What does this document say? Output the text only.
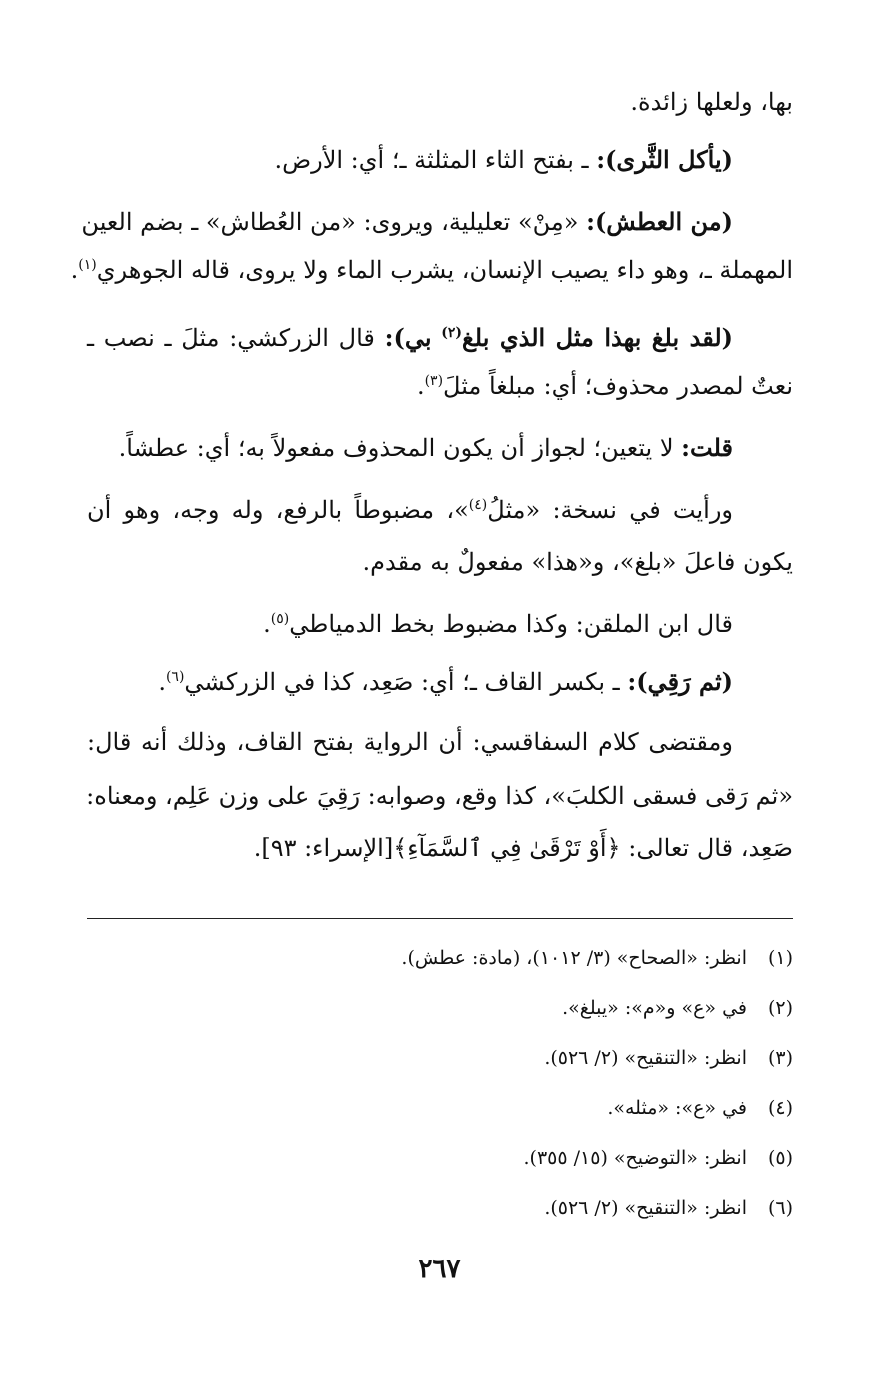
بها، ولعلها زائدة.
(يأكل الثَّرى): ـ بفتح الثاء المثلثة ـ؛ أي: الأرض.
(من العطش): «مِنْ» تعليلية، ويروى: «من العُطاش» ـ بضم العين
المهملة ـ، وهو داء يصيب الإنسان، يشرب الماء ولا يروى، قاله الجوهري$^{(١)}$.
(لقد بلغ بهذا مثل الذي بلغ$^{(٢)}$ بي): قال الزركشي: مثلَ ـ نصب ـ
نعتٌ لمصدر محذوف؛ أي: مبلغاً مثلَ$^{(٣)}$.
قلت: لا يتعين؛ لجواز أن يكون المحذوف مفعولاً به؛ أي: عطشاً.
ورأيت في نسخة: «مثلُ$^{(٤)}$»، مضبوطاً بالرفع، وله وجه، وهو أن
يكون فاعلَ «بلغ»، و«هذا» مفعولٌ به مقدم.
قال ابن الملقن: وكذا مضبوط بخط الدمياطي$^{(٥)}$.
(ثم رَقِي): ـ بكسر القاف ـ؛ أي: صَعِد، كذا في الزركشي$^{(٦)}$.
ومقتضى كلام السفاقسي: أن الرواية بفتح القاف، وذلك أنه قال:
«ثم رَقى فسقى الكلبَ»، كذا وقع، وصوابه: رَقِيَ على وزن عَلِم، ومعناه:
صَعِد، قال تعالى: ﴿أَوْ تَرْقَىٰ فِي ٱلسَّمَآءِ﴾[الإسراء: ٩٣].
(١)انظر: «الصحاح» (٣/ ١٠١٢)، (مادة: عطش).
(٢)في «ع» و«م»: «يبلغ».
(٣)انظر: «التنقيح» (٢/ ٥٢٦).
(٤)في «ع»: «مثله».
(٥)انظر: «التوضيح» (١٥/ ٣٥٥).
(٦)انظر: «التنقيح» (٢/ ٥٢٦).
٢٦٧
